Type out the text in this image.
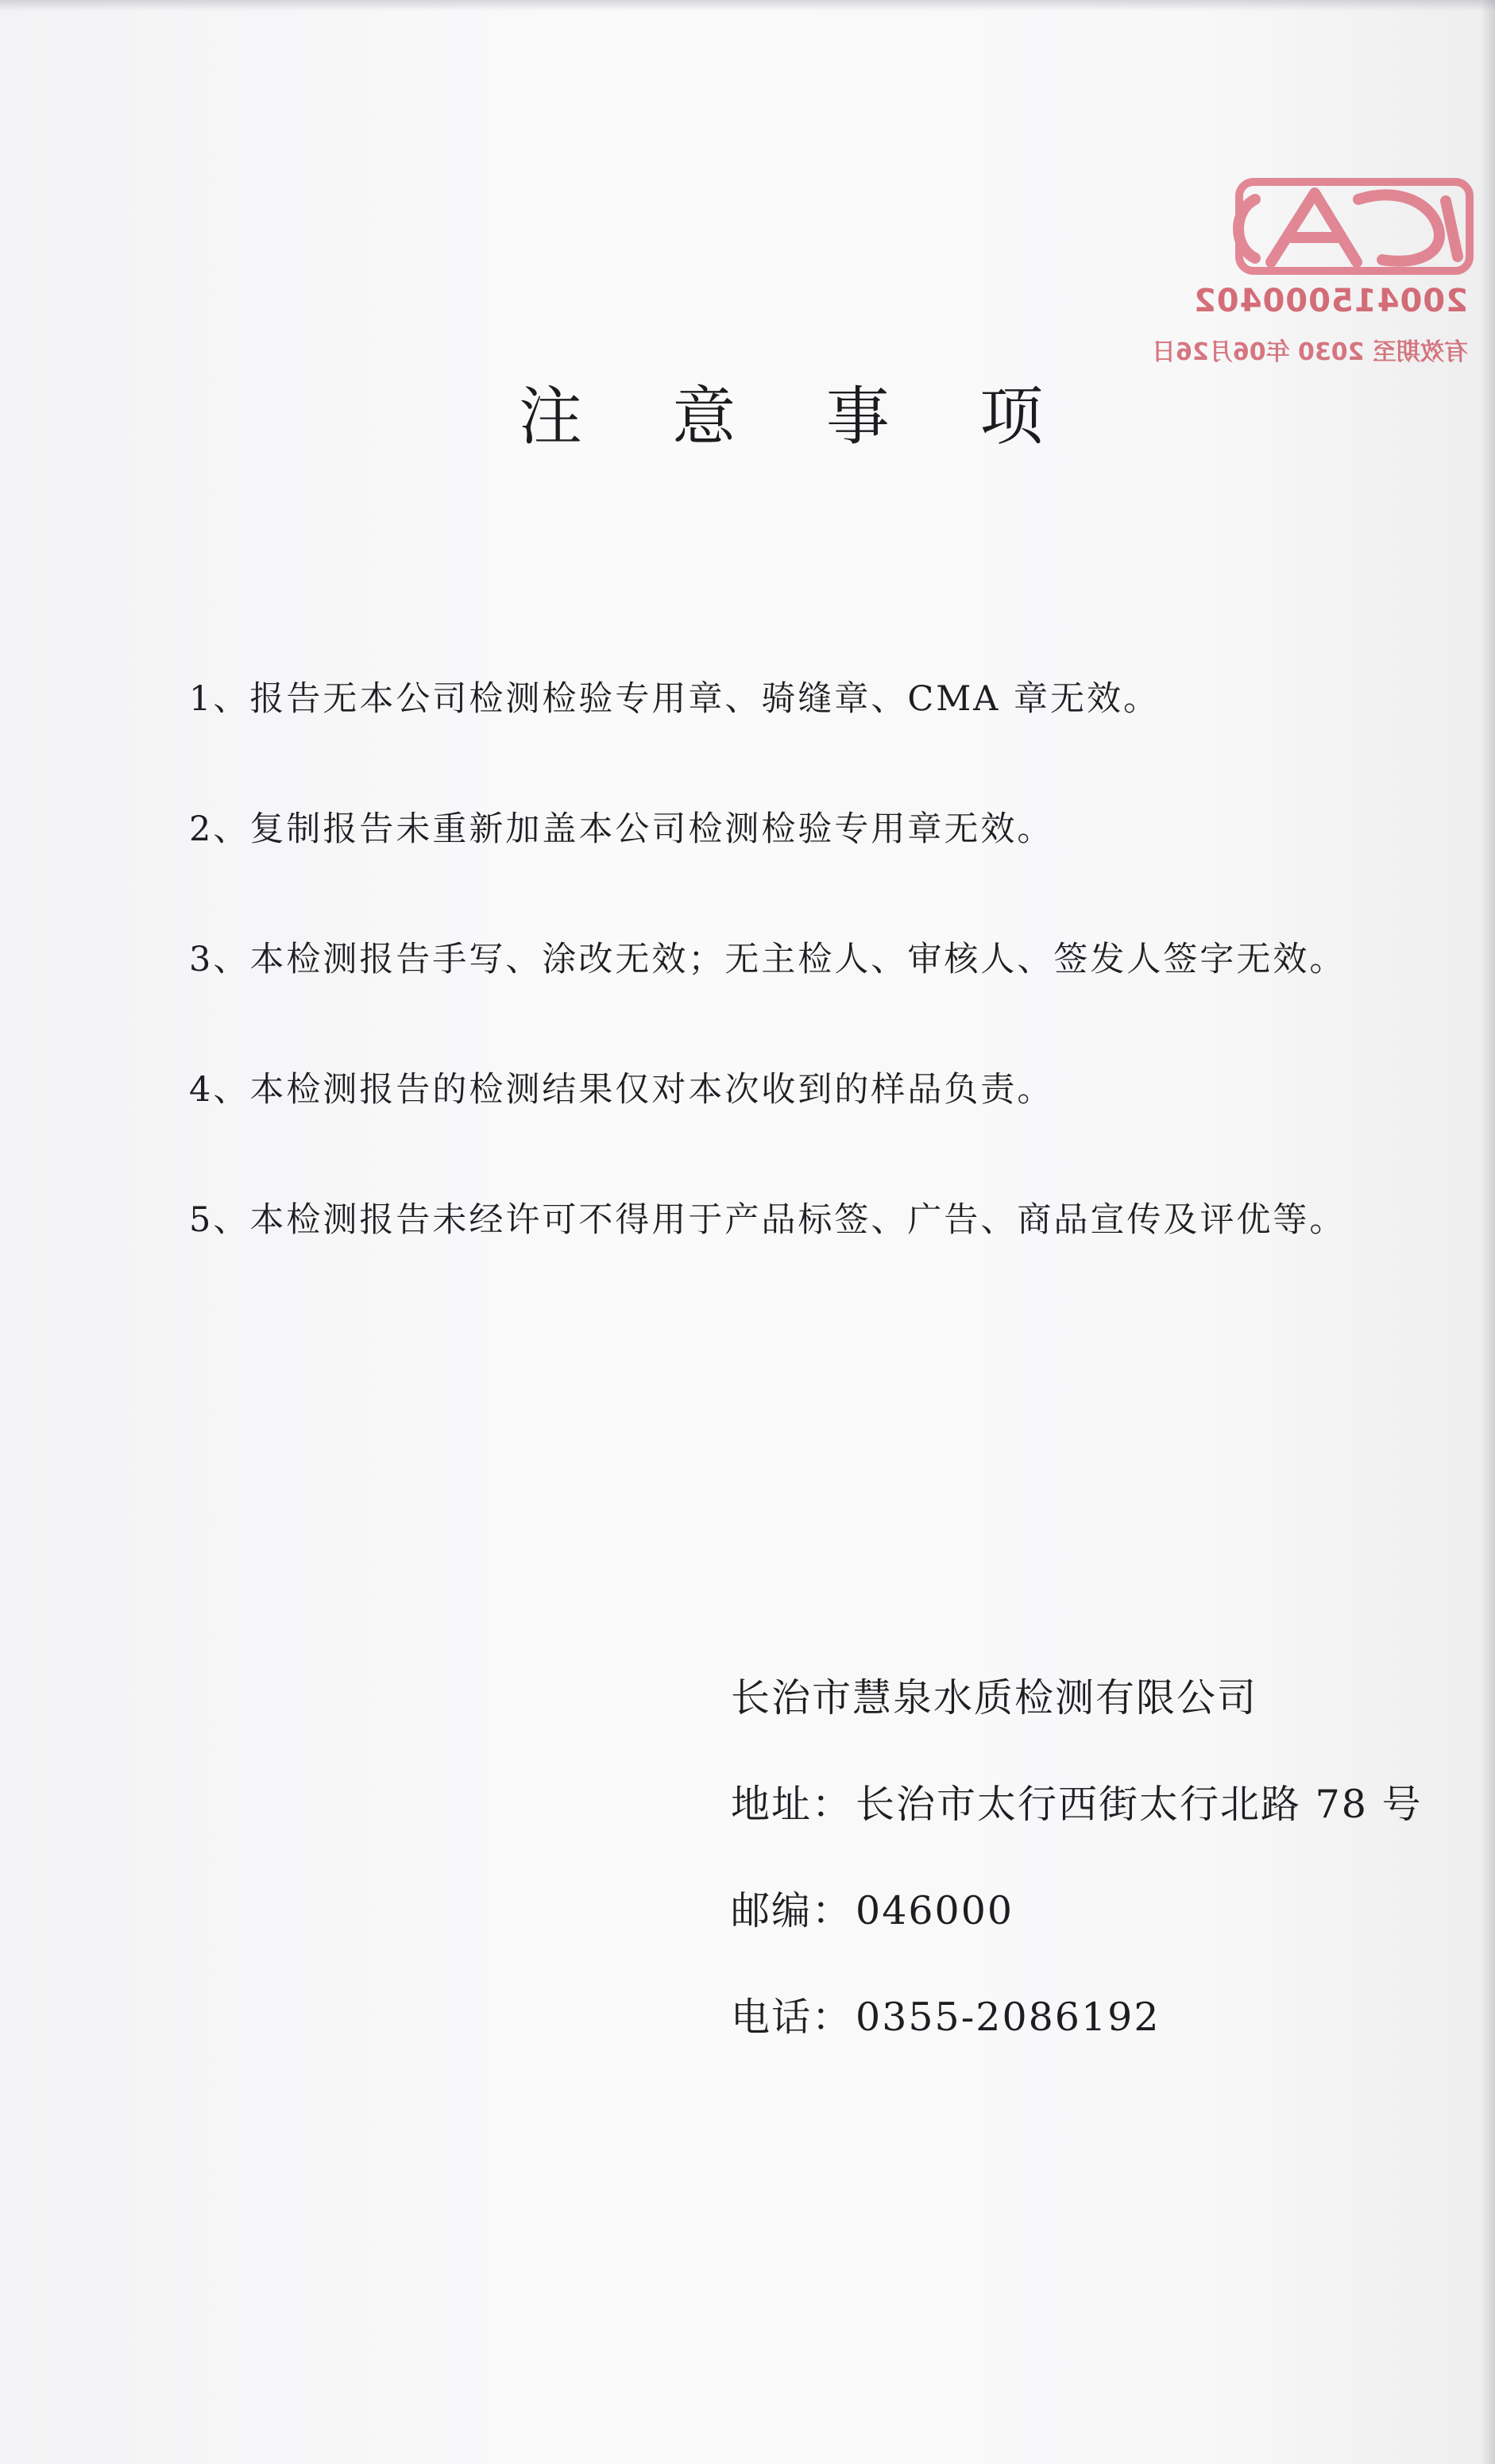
200415000402
有效期至 2030 年06月26日
注 意 事 项
1、报告无本公司检测检验专用章、骑缝章、CMA 章无效。
2、复制报告未重新加盖本公司检测检验专用章无效。
3、本检测报告手写、涂改无效；无主检人、审核人、签发人签字无效。
4、本检测报告的检测结果仅对本次收到的样品负责。
5、本检测报告未经许可不得用于产品标签、广告、商品宣传及评优等。
长治市慧泉水质检测有限公司
地址：长治市太行西街太行北路 78 号
邮编：046000
电话：0355-2086192
